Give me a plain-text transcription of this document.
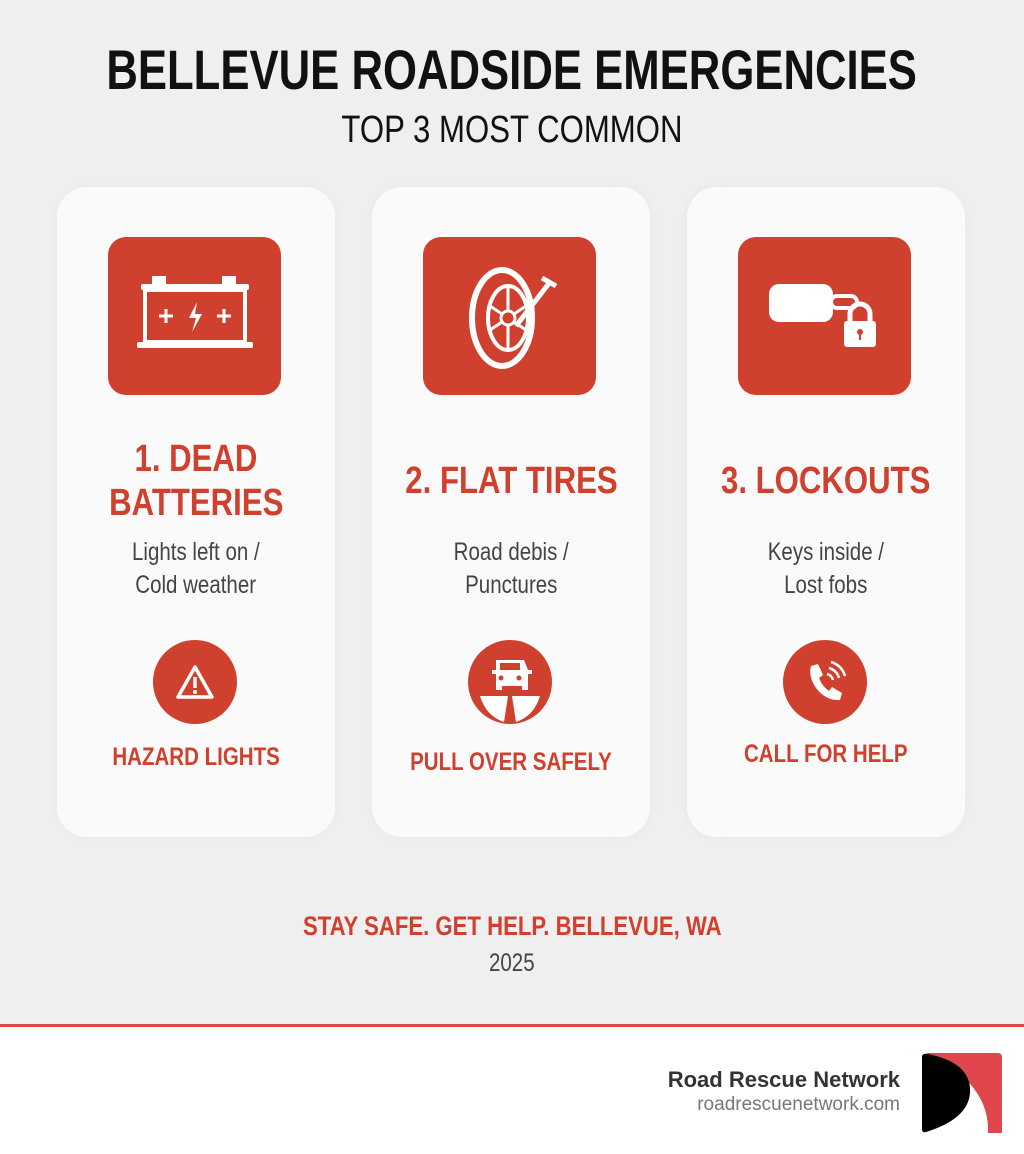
BELLEVUE ROADSIDE EMERGENCIES
TOP 3 MOST COMMON
1. DEAD
BATTERIES
Lights left on /
Cold weather
HAZARD LIGHTS
2. FLAT TIRES
Road debis /
Punctures
PULL OVER SAFELY
3. LOCKOUTS
Keys inside /
Lost fobs
CALL FOR HELP
STAY SAFE. GET HELP. BELLEVUE, WA
2025
Road Rescue Network
roadrescuenetwork.com
